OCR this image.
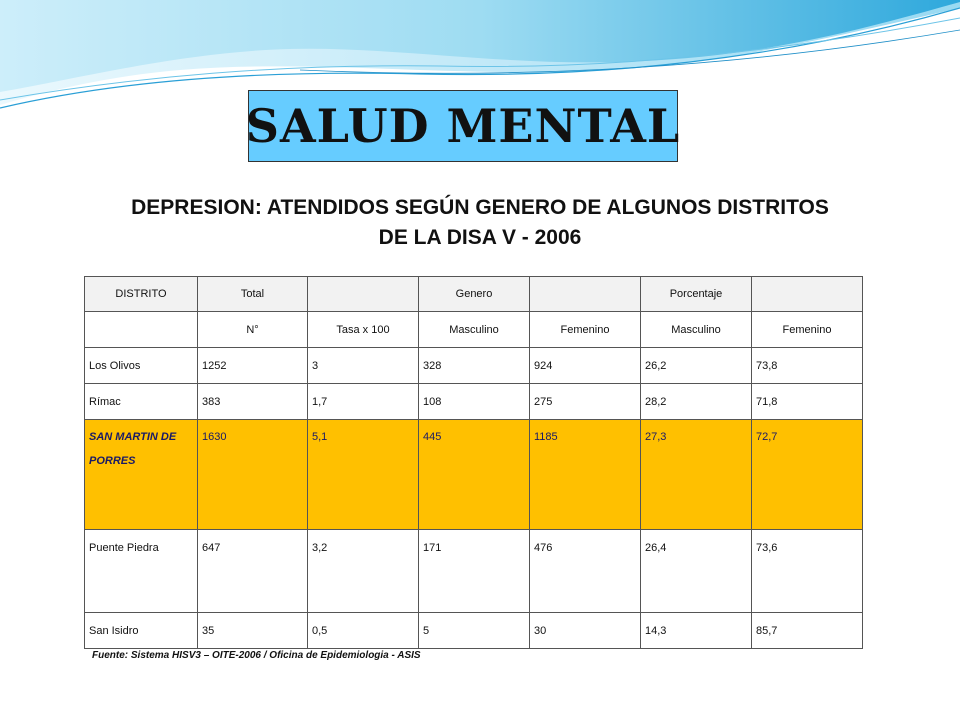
SALUD MENTAL
DEPRESION: ATENDIDOS SEGÚN GENERO DE ALGUNOS DISTRITOS
DE LA DISA V - 2006
DISTRITO	Total		Genero		Porcentaje	
	N°	Tasa x 100	Masculino	Femenino	Masculino	Femenino
Los Olivos	1252	3	328	924	26,2	73,8
Rímac	383	1,7	108	275	28,2	71,8
SAN MARTIN DE PORRES	1630	5,1	445	1185	27,3	72,7
Puente Piedra	647	3,2	171	476	26,4	73,6
San Isidro	35	0,5	5	30	14,3	85,7
Fuente: Sistema HISV3 – OITE-2006 / Oficina de Epidemiologia - ASIS
